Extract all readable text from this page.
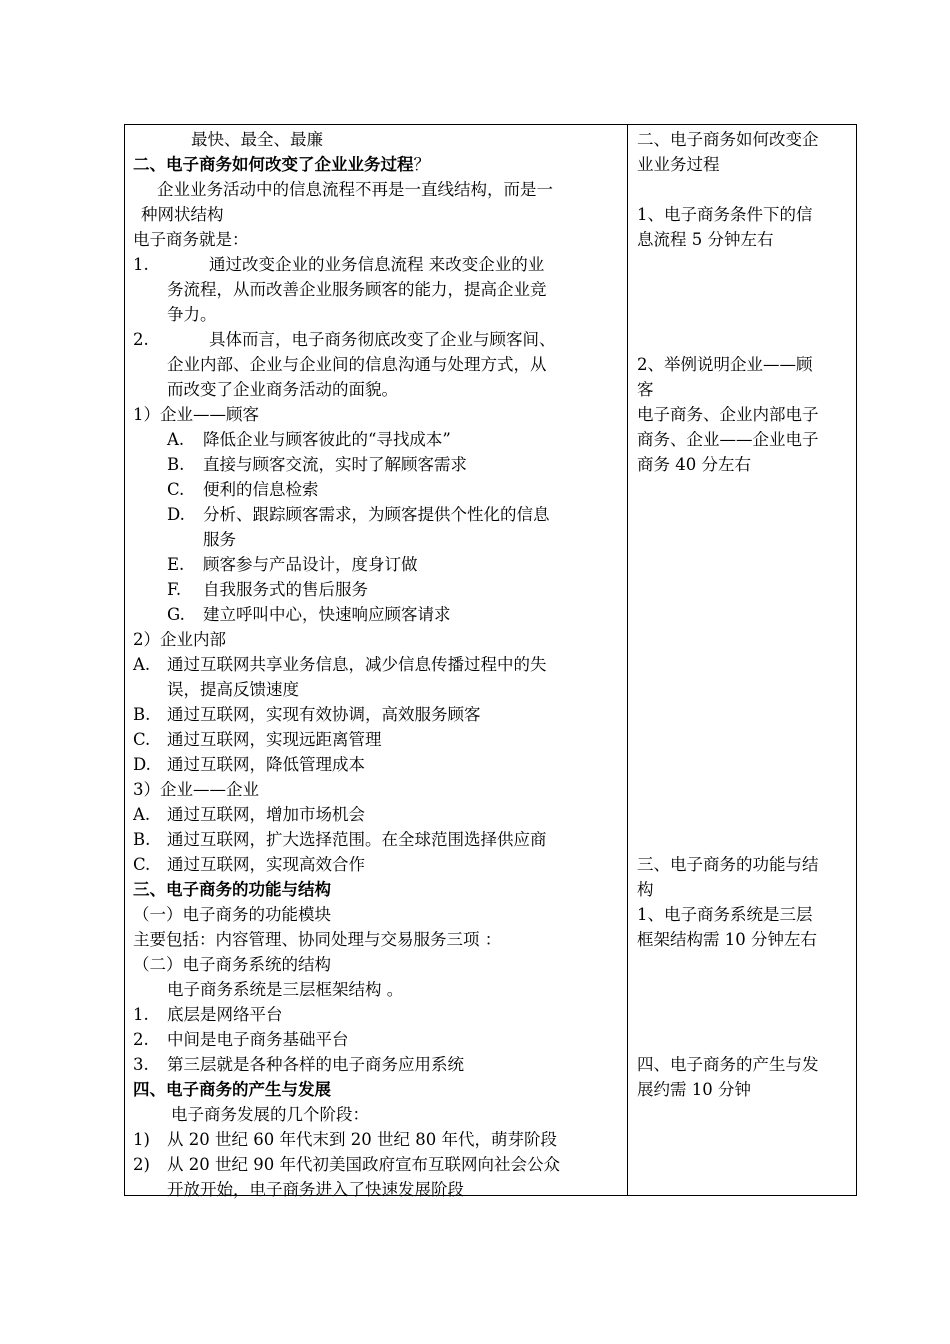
最快、最全、最廉
二、电子商务如何改变了企业业务过程？
企业业务活动中的信息流程不再是一直线结构，而是一
种网状结构
电子商务就是：
1.	通过改变企业的业务信息流程 来改变企业的业
务流程，从而改善企业服务顾客的能力，提高企业竞
争力。
2.	具体而言，电子商务彻底改变了企业与顾客间、
企业内部、企业与企业间的信息沟通与处理方式，从
而改变了企业商务活动的面貌。
1）企业——顾客
A. 降低企业与顾客彼此的“寻找成本”
B. 直接与顾客交流，实时了解顾客需求
C. 便利的信息检索
D. 分析、跟踪顾客需求，为顾客提供个性化的信息
服务
E. 顾客参与产品设计，度身订做
F. 自我服务式的售后服务
G. 建立呼叫中心，快速响应顾客请求
2）企业内部
A. 通过互联网共享业务信息，减少信息传播过程中的失
误，提高反馈速度
B. 通过互联网，实现有效协调，高效服务顾客
C. 通过互联网，实现远距离管理
D. 通过互联网，降低管理成本
3）企业——企业
A. 通过互联网，增加市场机会
B. 通过互联网，扩大选择范围。在全球范围选择供应商
C. 通过互联网，实现高效合作
三、电子商务的功能与结构
（一）电子商务的功能模块
主要包括：内容管理、协同处理与交易服务三项 ：
（二）电子商务系统的结构
电子商务系统是三层框架结构 。
1. 底层是网络平台
2. 中间是电子商务基础平台
3. 第三层就是各种各样的电子商务应用系统
四、电子商务的产生与发展
电子商务发展的几个阶段：
1) 从 20 世纪 60 年代末到 20 世纪 80 年代，萌芽阶段
2) 从 20 世纪 90 年代初美国政府宣布互联网向社会公众
开放开始，电子商务进入了快速发展阶段
二、电子商务如何改变企
业业务过程
1、电子商务条件下的信
息流程 5 分钟左右
2、举例说明企业——顾
客
电子商务、企业内部电子
商务、企业——企业电子
商务 40 分左右
三、电子商务的功能与结
构
1、电子商务系统是三层
框架结构需 10 分钟左右
四、电子商务的产生与发
展约需 10 分钟
